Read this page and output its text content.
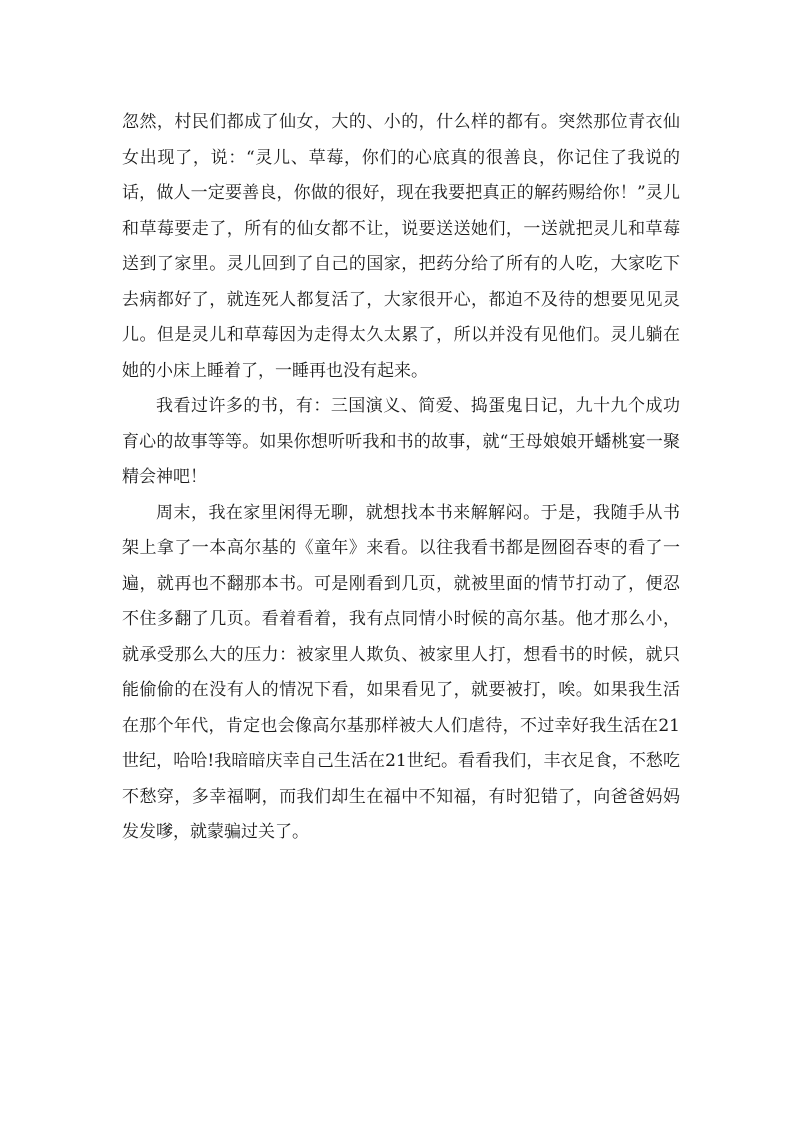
忽然，村民们都成了仙女，大的、小的，什么样的都有。突然那位青衣仙女出现了，说：“灵儿、草莓，你们的心底真的很善良，你记住了我说的话，做人一定要善良，你做的很好，现在我要把真正的解药赐给你！”灵儿和草莓要走了，所有的仙女都不让，说要送送她们，一送就把灵儿和草莓送到了家里。灵儿回到了自己的国家，把药分给了所有的人吃，大家吃下去病都好了，就连死人都复活了，大家很开心，都迫不及待的想要见见灵儿。但是灵儿和草莓因为走得太久太累了，所以并没有见他们。灵儿躺在她的小床上睡着了，一睡再也没有起来。

我看过许多的书，有：三国演义、简爱、捣蛋鬼日记，九十九个成功育心的故事等等。如果你想听听我和书的故事，就“王母娘娘开蟠桃宴一聚精会神吧！

周末，我在家里闲得无聊，就想找本书来解解闷。于是，我随手从书架上拿了一本高尔基的《童年》来看。以往我看书都是囫囵吞枣的看了一遍，就再也不翻那本书。可是刚看到几页，就被里面的情节打动了，便忍不住多翻了几页。看着看着，我有点同情小时候的高尔基。他才那么小，就承受那么大的压力：被家里人欺负、被家里人打，想看书的时候，就只能偷偷的在没有人的情况下看，如果看见了，就要被打，唉。如果我生活在那个年代，肯定也会像高尔基那样被大人们虐待，不过幸好我生活在21世纪，哈哈!我暗暗庆幸自己生活在21世纪。看看我们，丰衣足食，不愁吃不愁穿，多幸福啊，而我们却生在福中不知福，有时犯错了，向爸爸妈妈发发嗲，就蒙骗过关了。
